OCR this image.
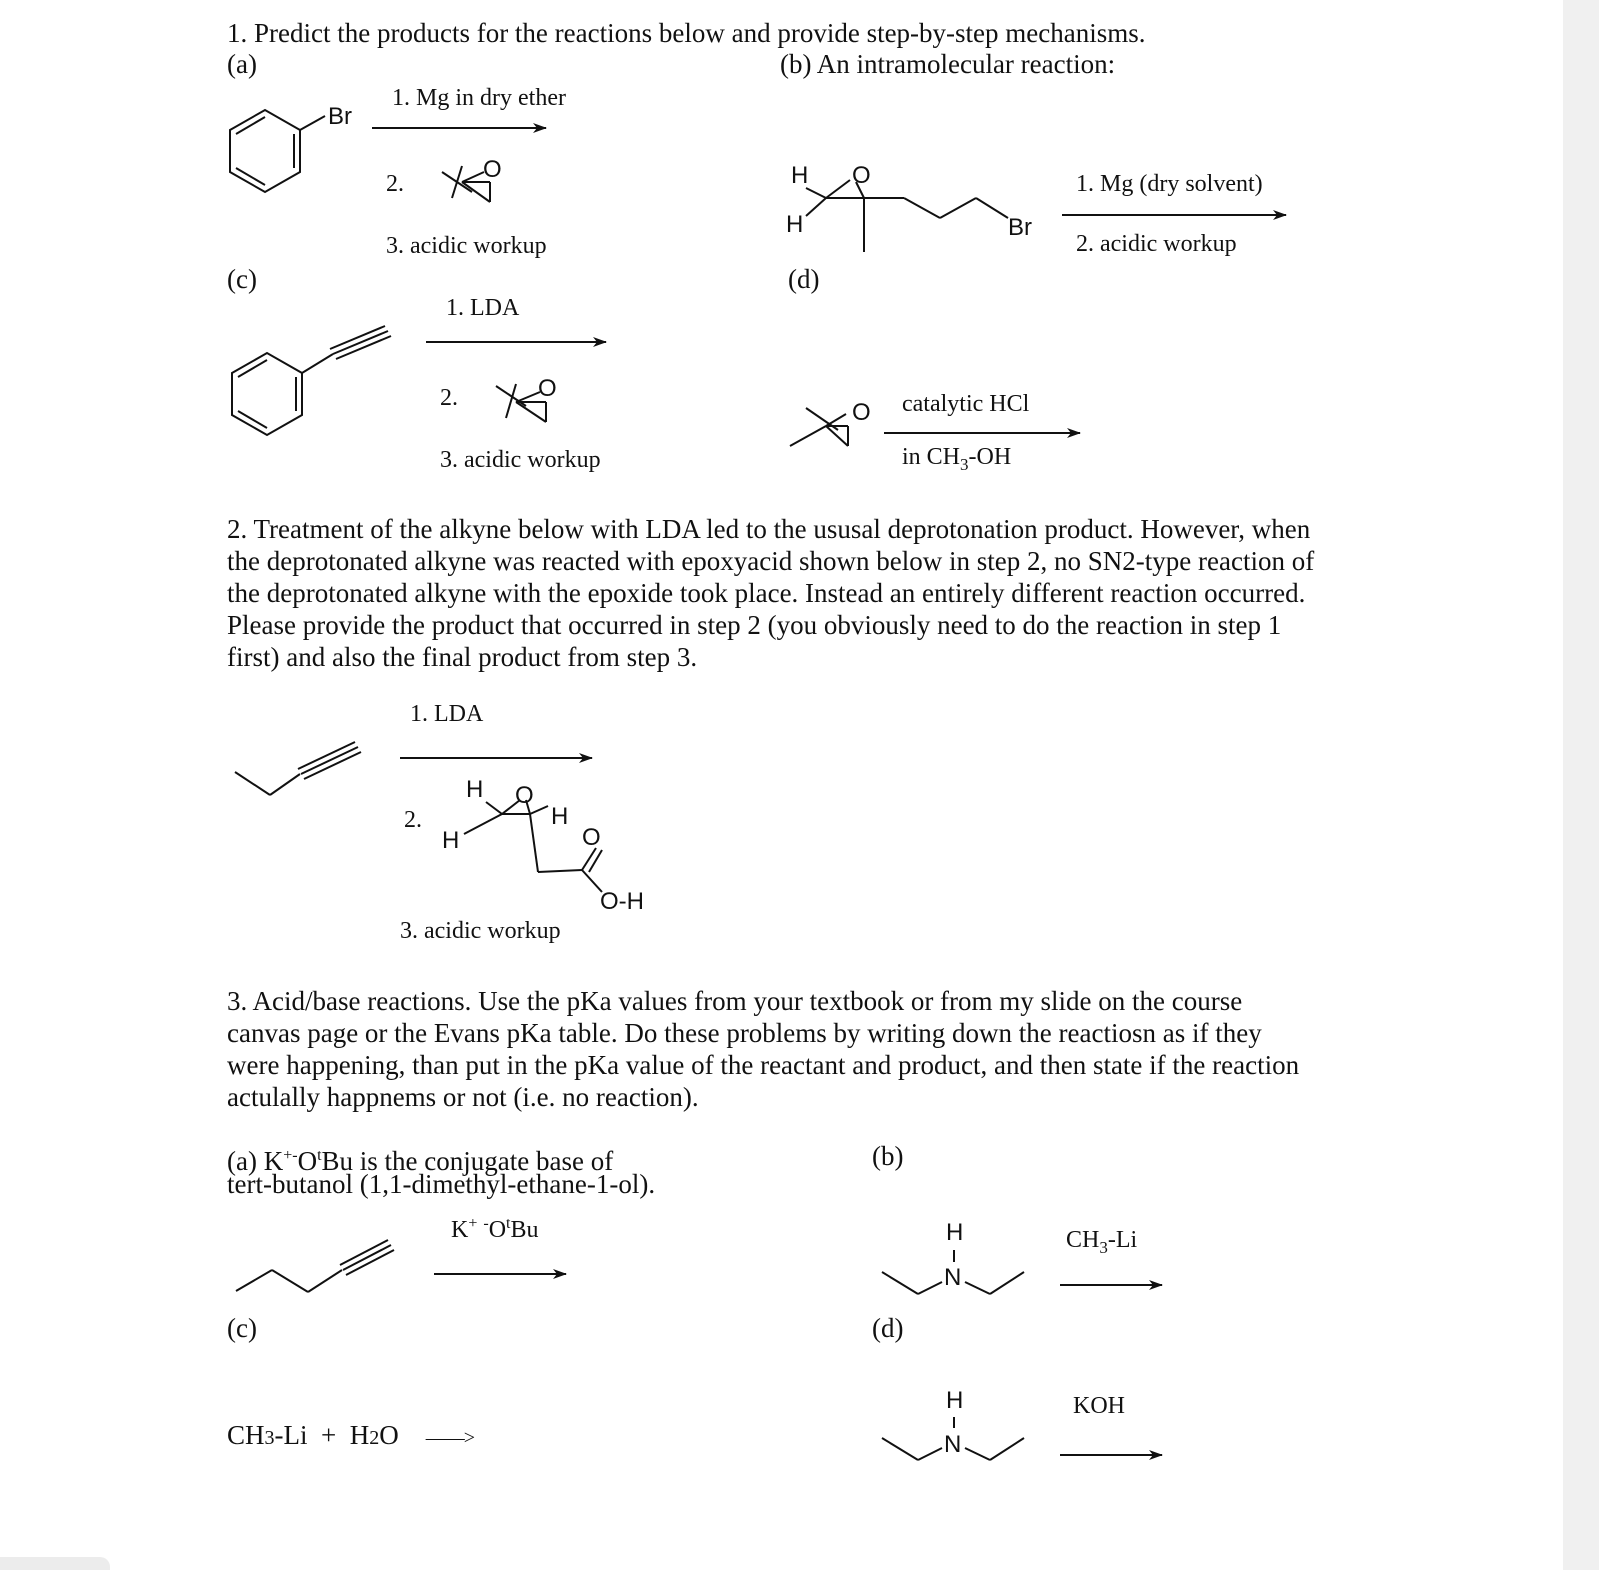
1. Predict the products for the reactions below and provide step-by-step mechanisms.
(a)	(b) An intramolecular reaction:
1. Mg in dry ether
2.
3. acidic workup
1. Mg (dry solvent)
2. acidic workup
(c)	(d)
1. LDA
2.
3. acidic workup
catalytic HCl
in $CH_3-OH$
2. Treatment of the alkyne below with LDA led to the ususal deprotonation product. However, when the deprotonated alkyne was reacted with epoxyacid shown below in step 2, no SN2-type reaction of the deprotonated alkyne with the epoxide took place. Instead an entirely different reaction occurred. Please provide the product that occurred in step 2 (you obviously need to do the reaction in step 1 first) and also the final product from step 3.
1. LDA
2.
3. acidic workup
3. Acid/base reactions. Use the pKa values from your textbook or from my slide on the course canvas page or the Evans pKa table. Do these problems by writing down the reactiosn as if they were happening, than put in the pKa value of the reactant and product, and then state if the reaction actulally happnems or not (i.e. no reaction).
(a) $K^{+-}O^tBu$ is the conjugate base of
tert-butanol (1,1-dimethyl-ethane-1-ol).
K+ $^-O^tBu$
(b)
$CH_3-Li$
(c)	(d)
CH3-Li + H2O ——>
KOH
Br
O	H
H
O
Br
O
O
H O
H
H	O
O-H
H
N
H
N
